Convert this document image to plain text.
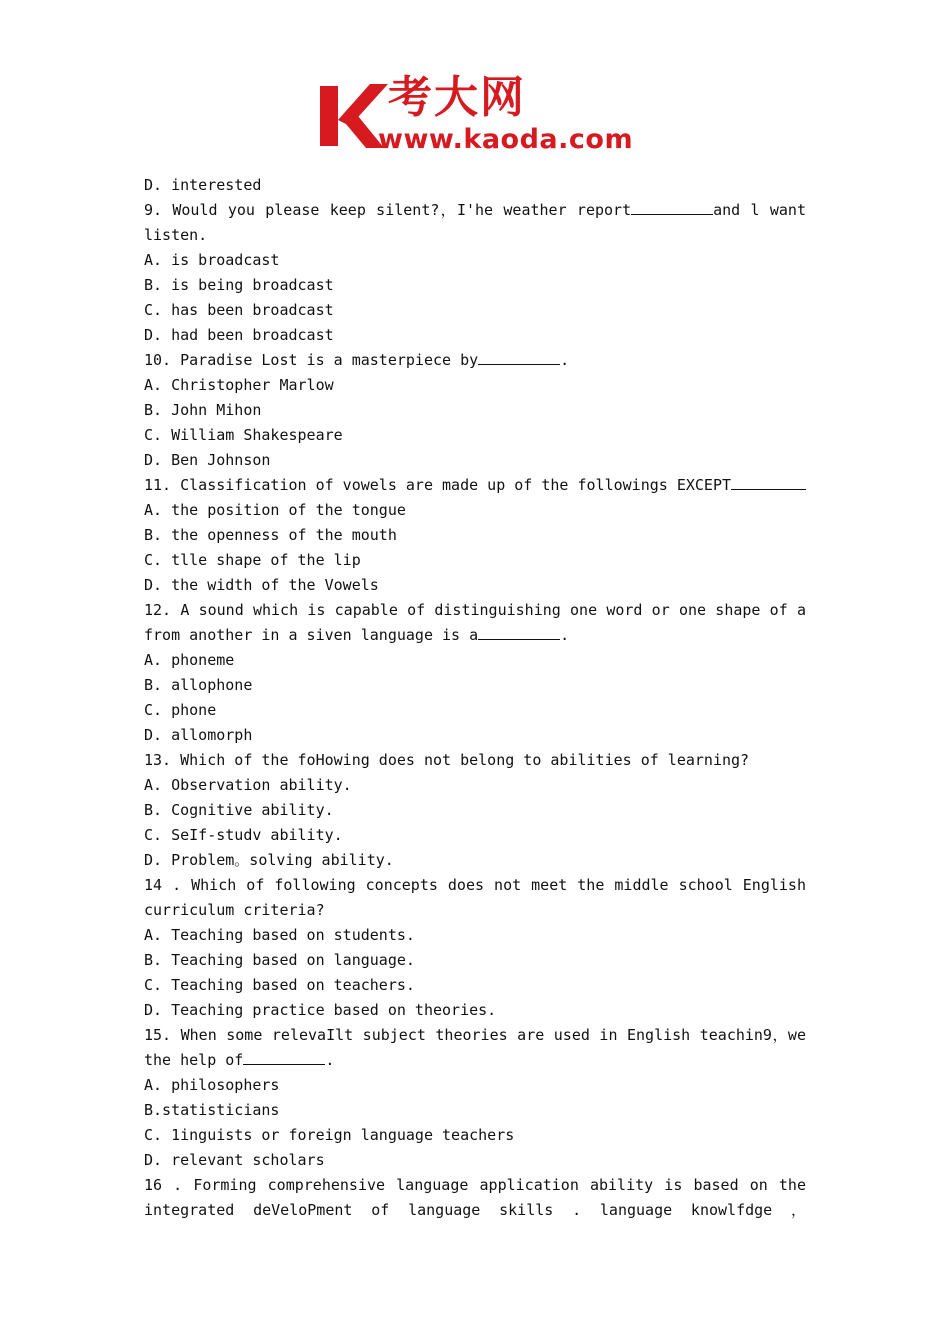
考大网
www.kaoda.com
D. interested
9. Would you please keep silent?，I'he weather report	and l want
listen.
A. is broadcast
B. is being broadcast
C. has been broadcast
D. had been broadcast
10. Paradise Lost is a masterpiece by	.
A. Christopher Marlow
B. John Mihon
C. William Shakespeare
D. Ben Johnson
11. Classification of vowels are made up of the followings EXCEPT
A. the position of the tongue
B. the openness of the mouth
C. tlle shape of the lip
D. the width of the Vowels
12. A sound which is capable of distinguishing one word or one shape of a
from another in a siven language is a	.
A. phoneme
B. allophone
C. phone
D. allomorph
13. Which of the foHowing does not belong to abilities of learning?
A. Observation ability.
B. Cognitive ability.
C. SeIf-studv ability.
D. Problem。solving ability.
14 . Which of following concepts does not meet the middle school English
curriculum criteria?
A. Teaching based on students.
B. Teaching based on language.
C. Teaching based on teachers.
D. Teaching practice based on theories.
15. When some relevaIlt subject theories are used in English teachin9，we
the help of	.
A. philosophers
B.statisticians
C. 1inguists or foreign language teachers
D. relevant scholars
16 . Forming comprehensive language application ability is based on the
integrated deVeloPment of language skills . language knowlfdge ，
